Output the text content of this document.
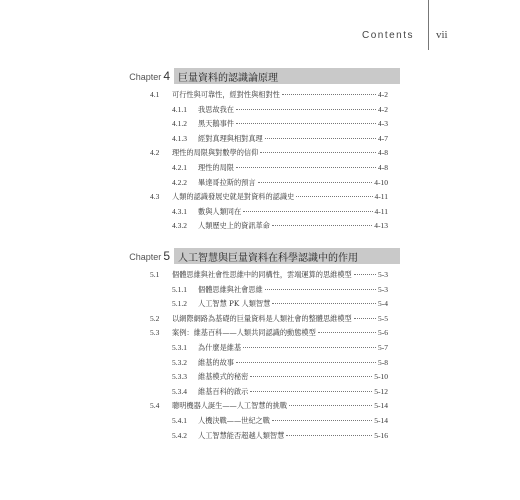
Contents vii
Chapter 4 巨量資料的認識論原理
4.1	可行性與可靠性，經對性與相對性	4-2
4.1.1	我思故我在	4-2
4.1.2	黑天鵝事件	4-3
4.1.3	經對真理與相對真理	4-7
4.2	理性的局限與對數學的信仰	4-8
4.2.1	理性的局限	4-8
4.2.2	畢達哥拉斯的預言	4-10
4.3	人類的認識發展史就是對資料的認識史	4-11
4.3.1	數與人類同在	4-11
4.3.2	人類歷史上的資訊革命	4-13
Chapter 5 人工智慧與巨量資料在科學認識中的作用
5.1	個體思維與社會性思維中的同構性，雲端運算的思維模型	5-3
5.1.1	個體思維與社會思維	5-3
5.1.2	人工智慧 PK 人類智慧	5-4
5.2	以網際網路為基礎的巨量資料是人類社會的整體思維模型	5-5
5.3	案例：維基百科——人類共同認識的動態模型	5-6
5.3.1	為什麼是維基	5-7
5.3.2	維基的故事	5-8
5.3.3	維基模式的秘密	5-10
5.3.4	維基百科的啟示	5-12
5.4	聰明機器人誕生——人工智慧的挑戰	5-14
5.4.1	人機決戰——世紀之戰	5-14
5.4.2	人工智慧能否超越人類智慧	5-16
